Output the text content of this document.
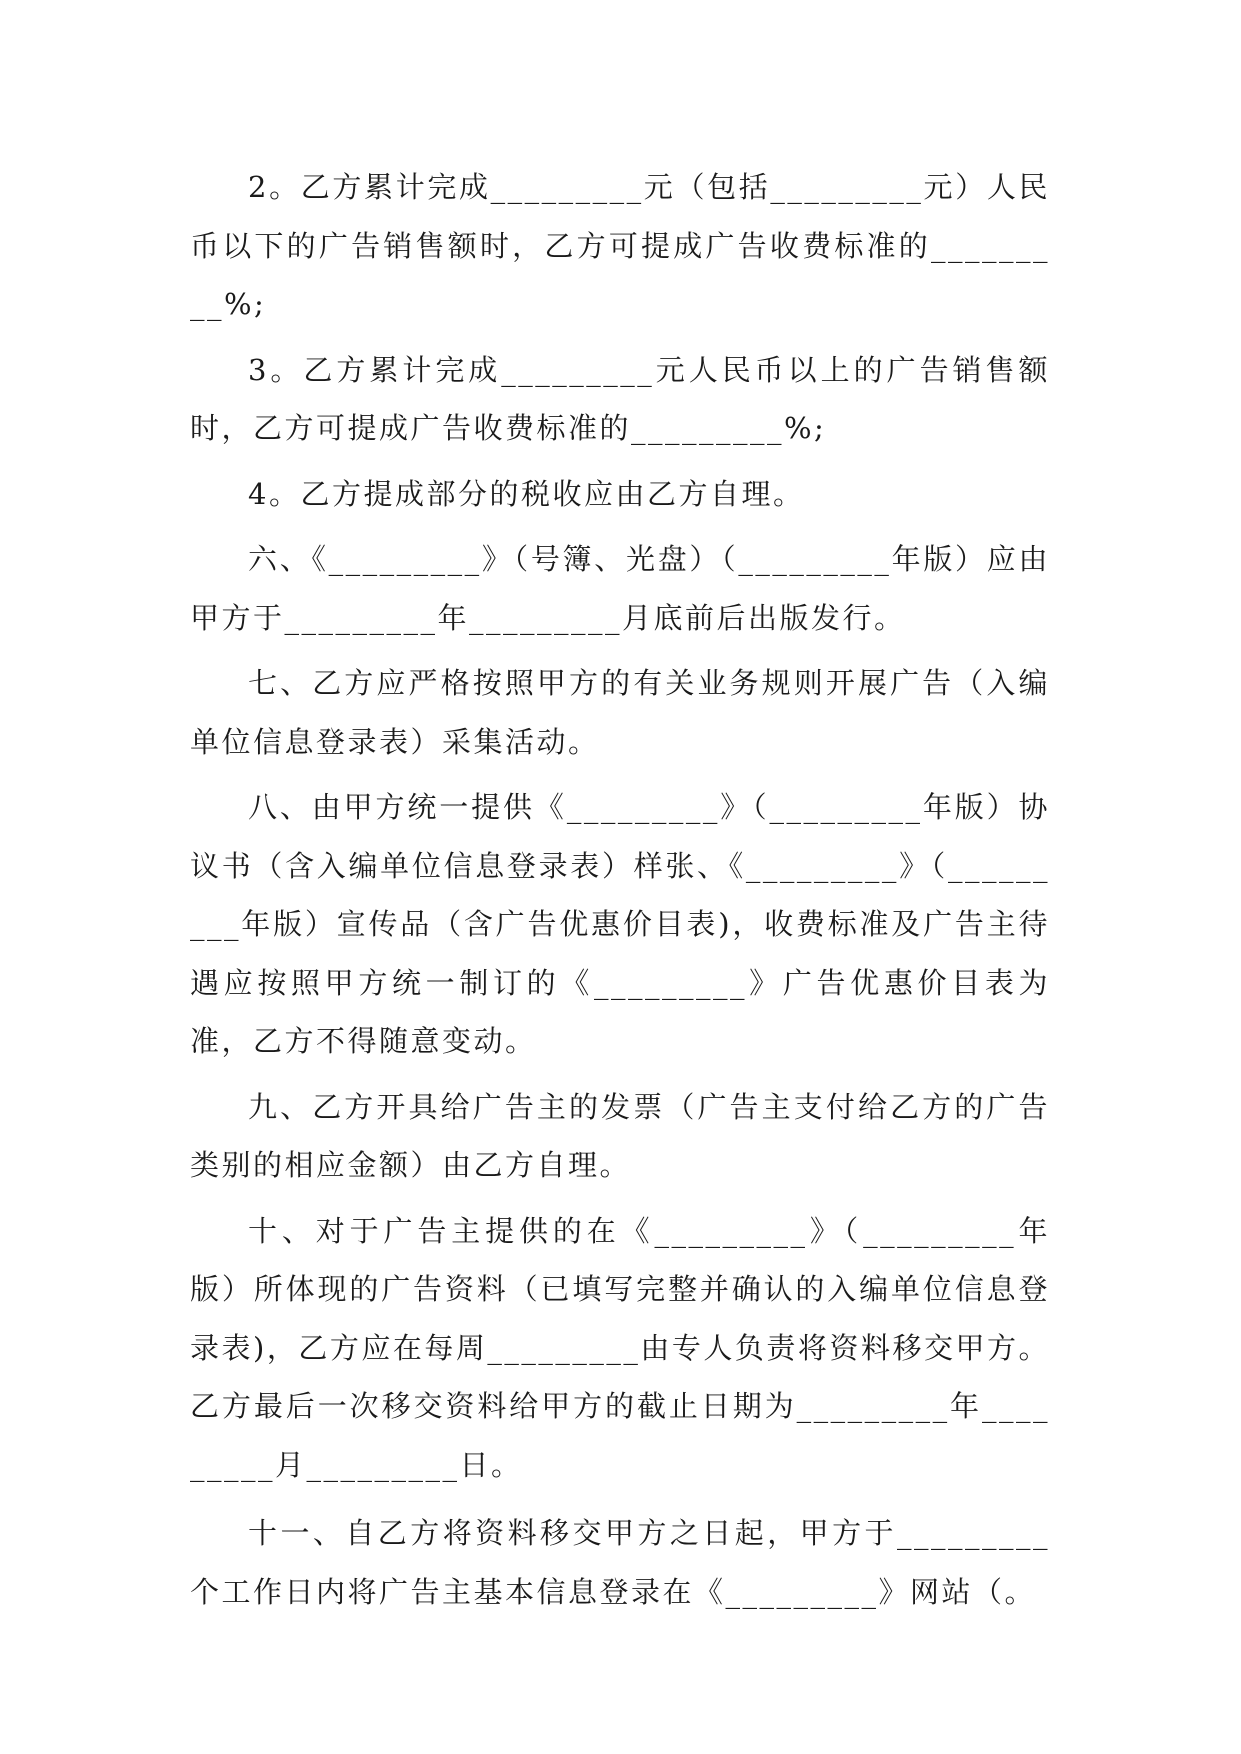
2。乙方累计完成_________元（包括_________元）人民币以下的广告销售额时，乙方可提成广告收费标准的_________%;

3。乙方累计完成_________元人民币以上的广告销售额时，乙方可提成广告收费标准的_________%;

4。乙方提成部分的税收应由乙方自理。

六、《_________》（号簿、光盘）（_________年版）应由甲方于_________年_________月底前后出版发行。

七、乙方应严格按照甲方的有关业务规则开展广告（入编单位信息登录表）采集活动。

八、由甲方统一提供《_________》（_________年版）协议书（含入编单位信息登录表）样张、《_________》（_________年版）宣传品（含广告优惠价目表)，收费标准及广告主待遇应按照甲方统一制订的《_________》广告优惠价目表为准，乙方不得随意变动。

九、乙方开具给广告主的发票（广告主支付给乙方的广告类别的相应金额）由乙方自理。

十、对于广告主提供的在《_________》（_________年版）所体现的广告资料（已填写完整并确认的入编单位信息登录表)，乙方应在每周_________由专人负责将资料移交甲方。乙方最后一次移交资料给甲方的截止日期为_________年_________月_________日。

十一、自乙方将资料移交甲方之日起，甲方于_________个工作日内将广告主基本信息登录在《_________》网站（。
